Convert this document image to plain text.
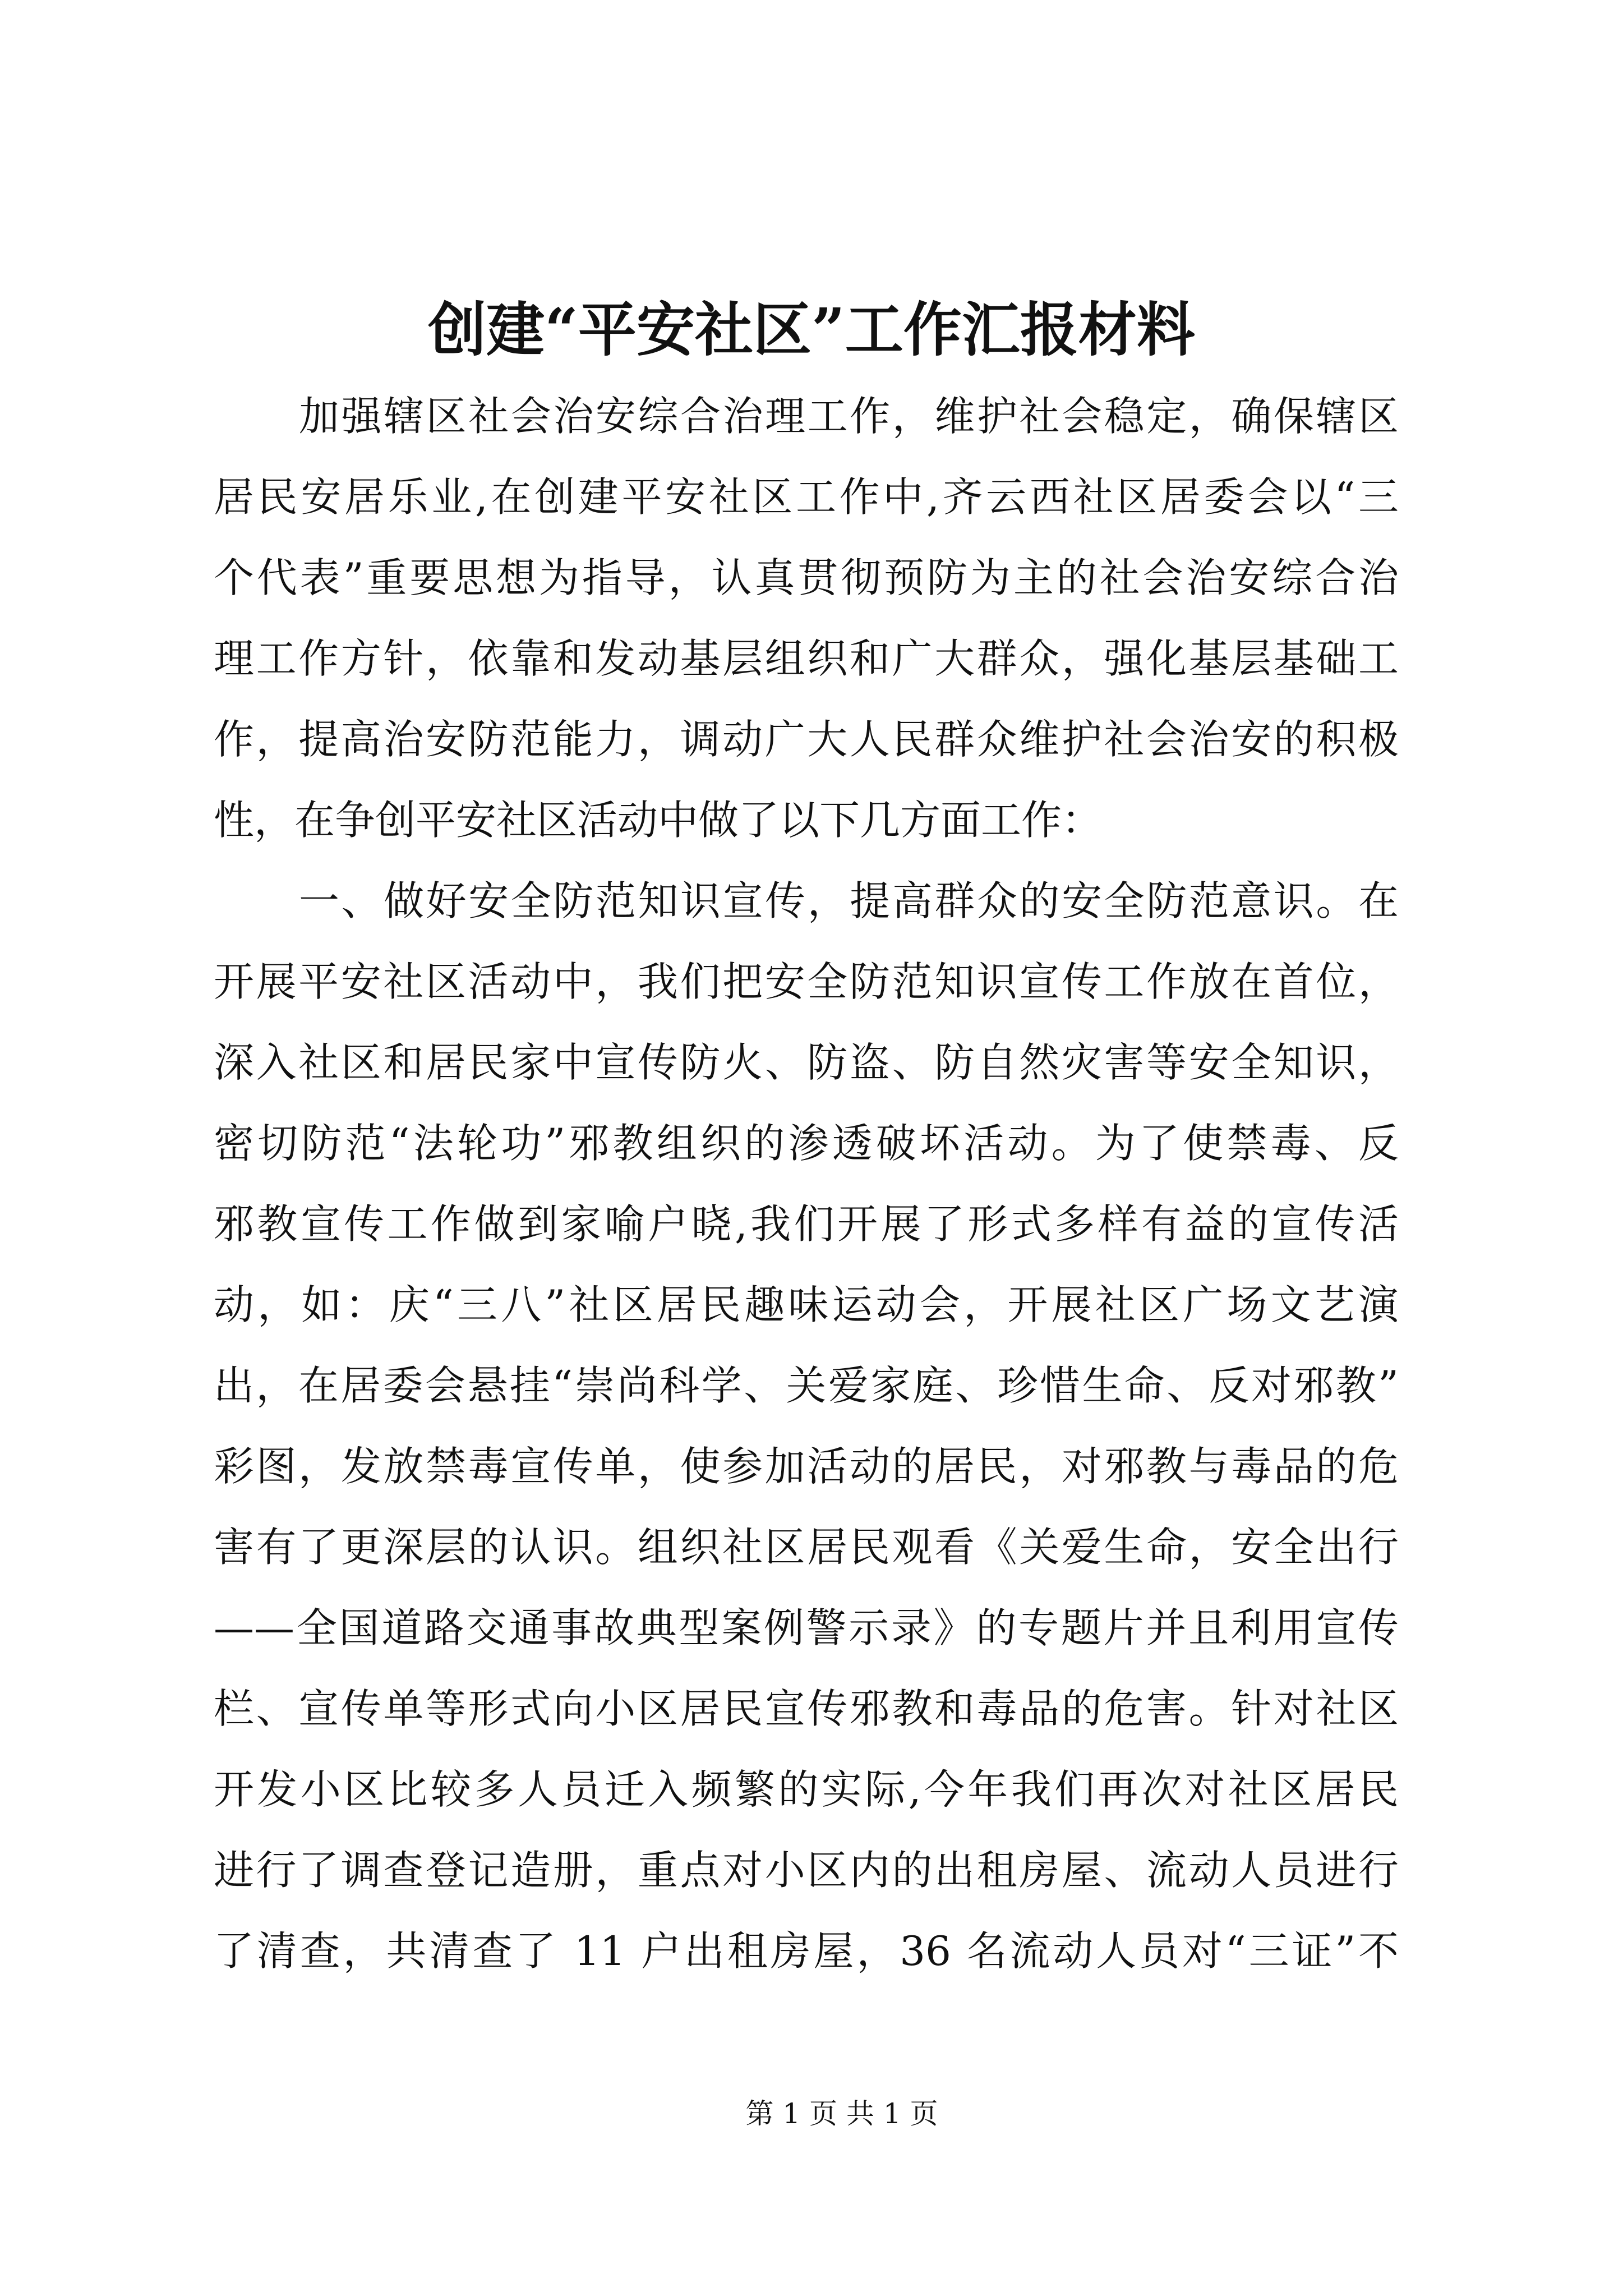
创建“平安社区”工作汇报材料
加强辖区社会治安综合治理工作，维护社会稳定，确保辖区
居民安居乐业,在创建平安社区工作中,齐云西社区居委会以“三
个代表”重要思想为指导，认真贯彻预防为主的社会治安综合治
理工作方针，依靠和发动基层组织和广大群众，强化基层基础工
作，提高治安防范能力，调动广大人民群众维护社会治安的积极
性，在争创平安社区活动中做了以下几方面工作：
一、做好安全防范知识宣传，提高群众的安全防范意识。在
开展平安社区活动中，我们把安全防范知识宣传工作放在首位，
深入社区和居民家中宣传防火、防盗、防自然灾害等安全知识，
密切防范“法轮功”邪教组织的渗透破坏活动。为了使禁毒、反
邪教宣传工作做到家喻户晓,我们开展了形式多样有益的宣传活
动，如：庆“三八”社区居民趣味运动会，开展社区广场文艺演
出，在居委会悬挂“崇尚科学、关爱家庭、珍惜生命、反对邪教”
彩图，发放禁毒宣传单，使参加活动的居民，对邪教与毒品的危
害有了更深层的认识。组织社区居民观看《关爱生命，安全出行
——全国道路交通事故典型案例警示录》的专题片并且利用宣传
栏、宣传单等形式向小区居民宣传邪教和毒品的危害。针对社区
开发小区比较多人员迁入频繁的实际,今年我们再次对社区居民
进行了调查登记造册，重点对小区内的出租房屋、流动人员进行
了清查，共清查了 11 户出租房屋，36 名流动人员对“三证”不
第 1 页 共 1 页
